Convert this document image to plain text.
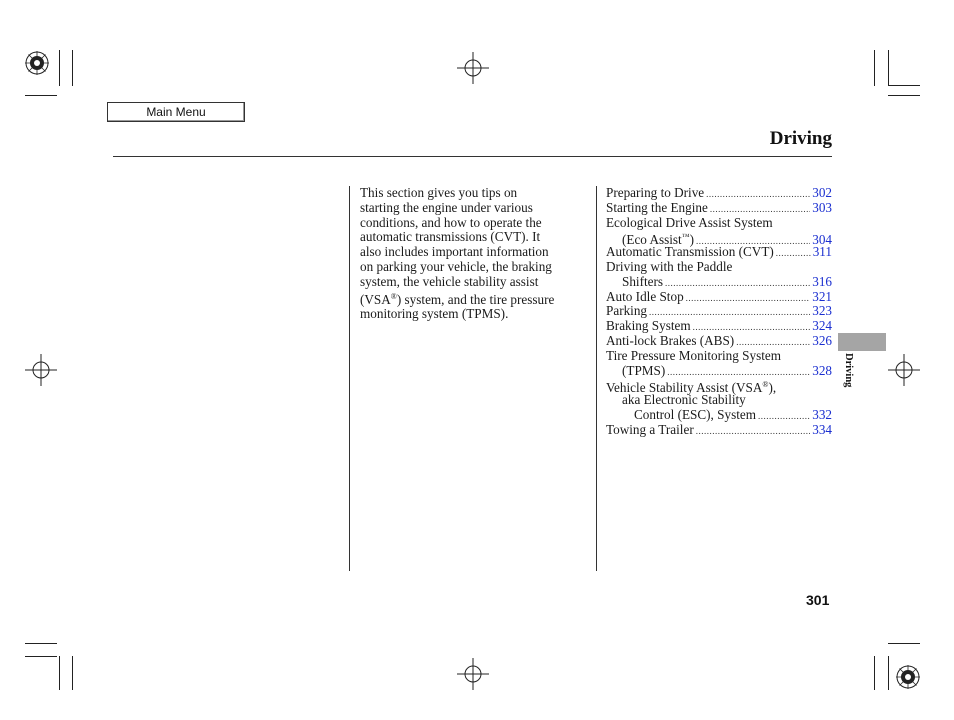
Main Menu
Driving
This section gives you tips on
starting the engine under various
conditions, and how to operate the
automatic transmissions (CVT). It
also includes important information
on parking your vehicle, the braking
system, the vehicle stability assist
(VSA®) system, and the tire pressure
monitoring system (TPMS).
Preparing to Drive .....	302
Starting the Engine .....	303
Ecological Drive Assist System
(Eco Assist™) .....	304
Automatic Transmission (CVT) .....	311
Driving with the Paddle
Shifters .....	316
Auto Idle Stop .....	321
Parking .....	323
Braking System .....	324
Anti-lock Brakes (ABS) .....	326
Tire Pressure Monitoring System
(TPMS) .....	328
Vehicle Stability Assist (VSA®),
aka Electronic Stability
Control (ESC), System .....	332
Towing a Trailer .....	334
Driving
301
